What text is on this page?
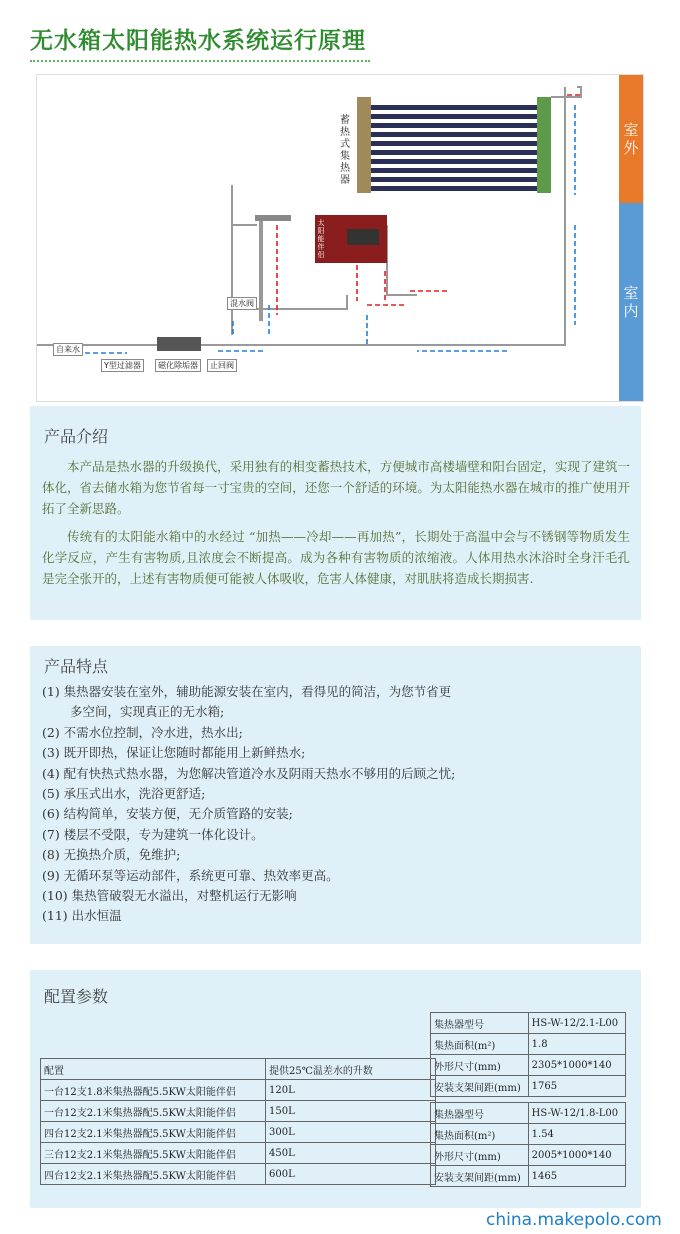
无水箱太阳能热水系统运行原理
蓄热式集热器
太阳能伴侣
混水阀
自来水
Y型过滤器	磁化除垢器	止回阀
室外
室内
产品介绍
本产品是热水器的升级换代，采用独有的相变蓄热技术，方便城市高楼墙壁和阳台固定，实现了建筑一体化，省去储水箱为您节省每一寸宝贵的空间，还您一个舒适的环境。为太阳能热水器在城市的推广使用开拓了全新思路。
传统有的太阳能水箱中的水经过 “加热——冷却——再加热”，长期处于高温中会与不锈钢等物质发生化学反应，产生有害物质,且浓度会不断提高。成为各种有害物质的浓缩液。人体用热水沐浴时全身汗毛孔是完全张开的，上述有害物质便可能被人体吸收，危害人体健康，对肌肤将造成长期损害.
产品特点
(1) 集热器安装在室外，辅助能源安装在室内，看得见的简洁，为您节省更
多空间，实现真正的无水箱;
(2) 不需水位控制，冷水进，热水出;
(3) 既开即热，保证让您随时都能用上新鲜热水;
(4) 配有快热式热水器，为您解决管道冷水及阴雨天热水不够用的后顾之忧;
(5) 承压式出水，洗浴更舒适;
(6) 结构简单，安装方便，无介质管路的安装;
(7) 楼层不受限，专为建筑一体化设计。
(8) 无换热介质，免维护;
(9) 无循环泵等运动部件，系统更可靠、热效率更高。
(10) 集热管破裂无水溢出，对整机运行无影响
(11) 出水恒温
配置参数
配置	提供25℃温差水的升数
一台12支1.8米集热器配5.5KW太阳能伴侣	120L
一台12支2.1米集热器配5.5KW太阳能伴侣	150L
四台12支2.1米集热器配5.5KW太阳能伴侣	300L
三台12支2.1米集热器配5.5KW太阳能伴侣	450L
四台12支2.1米集热器配5.5KW太阳能伴侣	600L
集热器型号	HS-W-12/2.1-L00
集热面积(m²)	1.8
外形尺寸(mm)	2305*1000*140
安装支架间距(mm)	1765
集热器型号	HS-W-12/1.8-L00
集热面积(m²)	1.54
外形尺寸(mm)	2005*1000*140
安装支架间距(mm)	1465
china.makepolo.com
